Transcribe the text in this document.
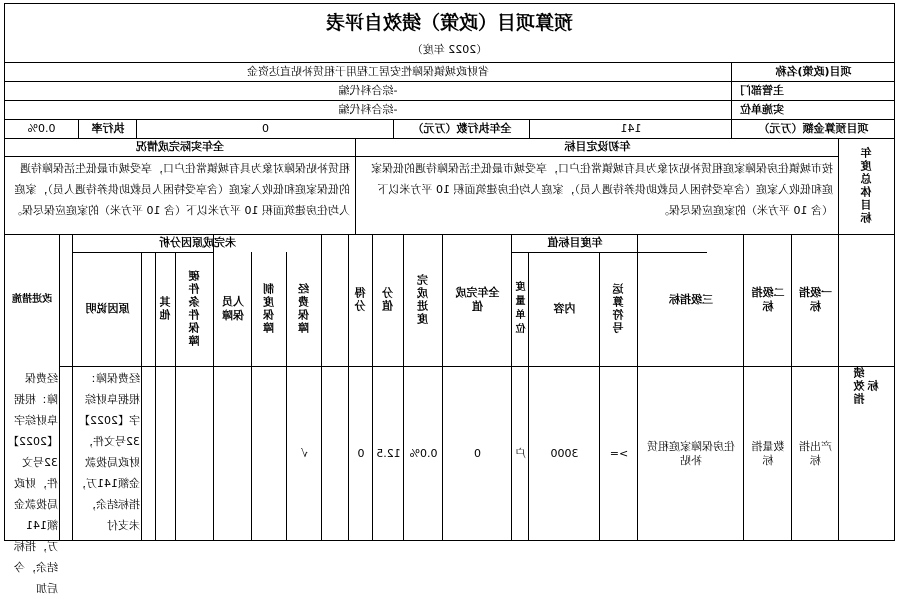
预算项目（政策）绩效自评表
（2022 年度）
项目(政策)名称
省财政城镇保障性安居工程用于租赁补贴直达资金
主管部门
-综合科代编
实施单位
-综合科代编
项目预算金额（万元）
141
全年执行数（万元）
0
执行率
0.0%
年度总体目标
年初设定目标
全年实际完成情况
按市城镇住房保障家庭租赁补贴对象为具有城镇常住户口，享受城市最低生活保障待遇的低保家庭和低收入家庭（含享受特困人员救助供养待遇人员），家庭人均住房建筑面积 10 平方米以下（含 10 平方米）的家庭应保尽保。
租赁补贴保障对象为具有城镇常住户口，享受城市最低生活保障待遇的低保家庭和低收入家庭（含享受特困人员救助供养待遇人员），家庭人均住房建筑面积 10 平方米以下（含 10 平方米）的家庭应保尽保。
绩效指标
一级指标
二级指标
三级指标
年度目标值
运算符号
内容
度量单位
全年完成值
完成进度
分值
得分
未完成原因分析
经费保障
制度保障
人员保障
硬件条件保障
其他
原因说明
改进措施
产出指标
数量指标
住房保障家庭租赁补贴
>=
3000
户
0
0.0%
12.5
0
√
经费保障：根据阜财综字【2022】32号文件，财政局拨款金额141万，指标结余，未支付
经费保障：根据阜财综字【2022】32号文件，财政局拨款金额141万，指标结余，今后加
